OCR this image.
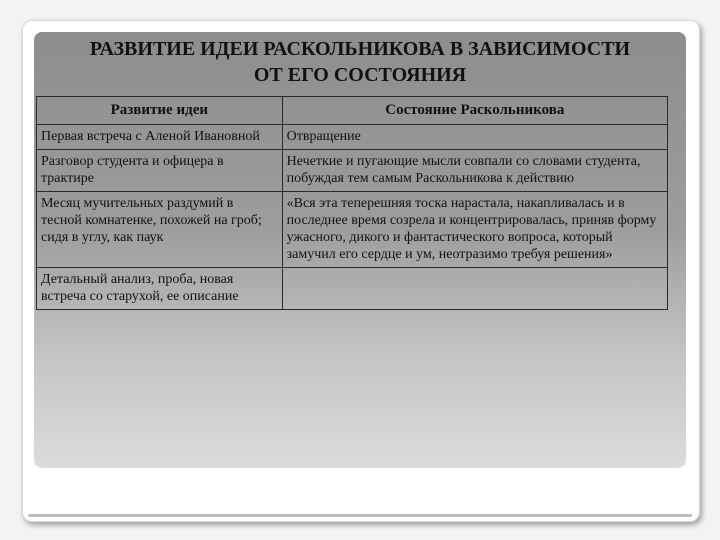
РАЗВИТИЕ ИДЕИ РАСКОЛЬНИКОВА В ЗАВИСИМОСТИ
ОТ ЕГО СОСТОЯНИЯ
Развитие идеи	Состояние Раскольникова
Первая встреча с Аленой Ивановной	Отвращение
Разговор студента и офицера в трактире	Нечеткие и пугающие мысли совпали со словами студента, побуждая тем самым Раскольникова к действию
Месяц мучительных раздумий в тесной комнатенке, похожей на гроб; сидя в углу, как паук	«Вся эта теперешняя тоска нарастала, накапливалась и в последнее время созрела и концентрировалась, приняв форму ужасного, дикого и фантастического вопроса, который замучил его сердце и ум, неотразимо требуя решения»
Детальный анализ, проба, новая встреча со старухой, ее описание	
